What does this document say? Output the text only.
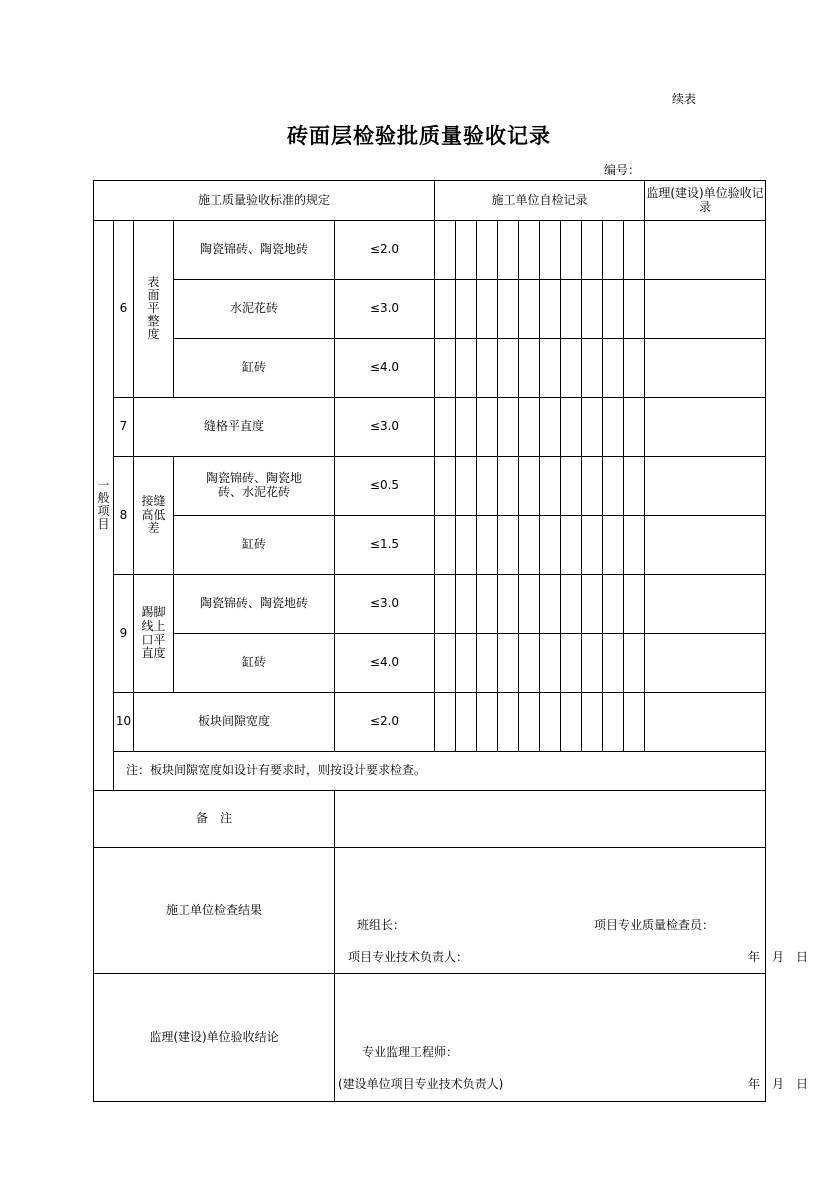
续表
砖面层检验批质量验收记录
编号：
施工质量验收标准的规定					施工单位自检记录										监理(建设)单位验收记录
一般项目	6	表面平整度	陶瓷锦砖、陶瓷地砖	≤2.0											
			水泥花砖	≤3.0											
			缸砖	≤4.0											
	7	缝格平直度		≤3.0											
	8	接缝高低差	陶瓷锦砖、陶瓷地砖、水泥花砖	≤0.5											
			缸砖	≤1.5											
	9	踢脚线上口平直度	陶瓷锦砖、陶瓷地砖	≤3.0											
			缸砖	≤4.0											
	10	板块间隙宽度		≤2.0											
	注：板块间隙宽度如设计有要求时，则按设计要求检查。														
备　注															
施工单位检查结果				班组长： 项目专业质量检查员：
项目专业技术负责人： 年　月　日											

监理(建设)单位验收结论				专业监理工程师：
(建设单位项目专业技术负责人) 年　月　日											
